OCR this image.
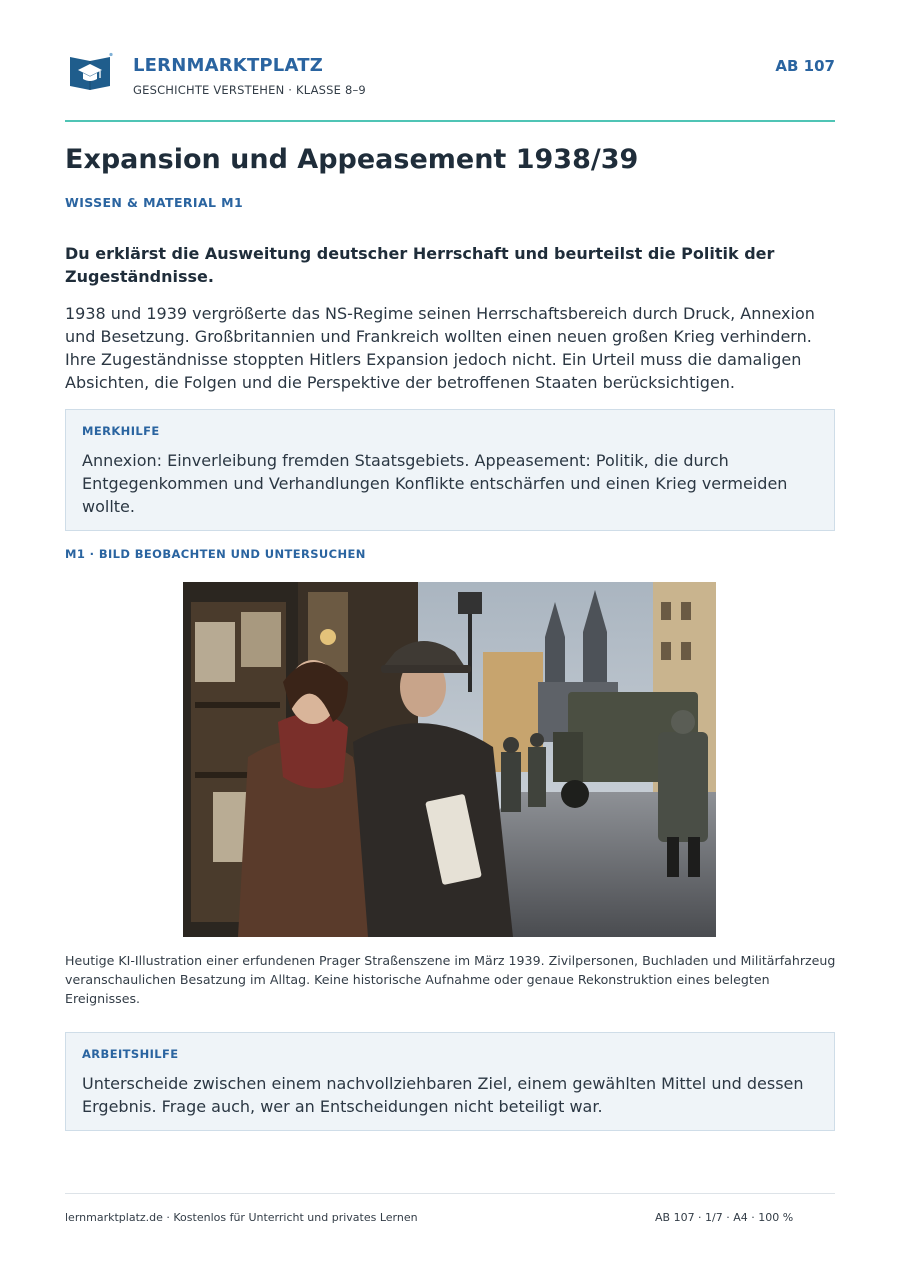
LERNMARKTPLATZ
GESCHICHTE VERSTEHEN · KLASSE 8–9
AB 107
Expansion und Appeasement 1938/39
WISSEN & MATERIAL M1

Du erklärst die Ausweitung deutscher Herrschaft und beurteilst die Politik der Zugeständnisse.

1938 und 1939 vergrößerte das NS-Regime seinen Herrschaftsbereich durch Druck, Annexion und Besetzung. Großbritannien und Frankreich wollten einen neuen großen Krieg verhindern. Ihre Zugeständnisse stoppten Hitlers Expansion jedoch nicht. Ein Urteil muss die damaligen Absichten, die Folgen und die Perspektive der betroffenen Staaten berücksichtigen.

MERKHILFE
Annexion: Einverleibung fremden Staatsgebiets. Appeasement: Politik, die durch Entgegenkommen und Verhandlungen Konflikte entschärfen und einen Krieg vermeiden wollte.
M1 · BILD BEOBACHTEN UND UNTERSUCHEN

Heutige KI-Illustration einer erfundenen Prager Straßenszene im März 1939. Zivilpersonen, Buchladen und Militärfahrzeug veranschaulichen Besatzung im Alltag. Keine historische Aufnahme oder genaue Rekonstruktion eines belegten Ereignisses.

ARBEITSHILFE
Unterscheide zwischen einem nachvollziehbaren Ziel, einem gewählten Mittel und dessen Ergebnis. Frage auch, wer an Entscheidungen nicht beteiligt war.
lernmarktplatz.de · Kostenlos für Unterricht und privates Lernen	AB 107 · 1/7 · A4 · 100 %
